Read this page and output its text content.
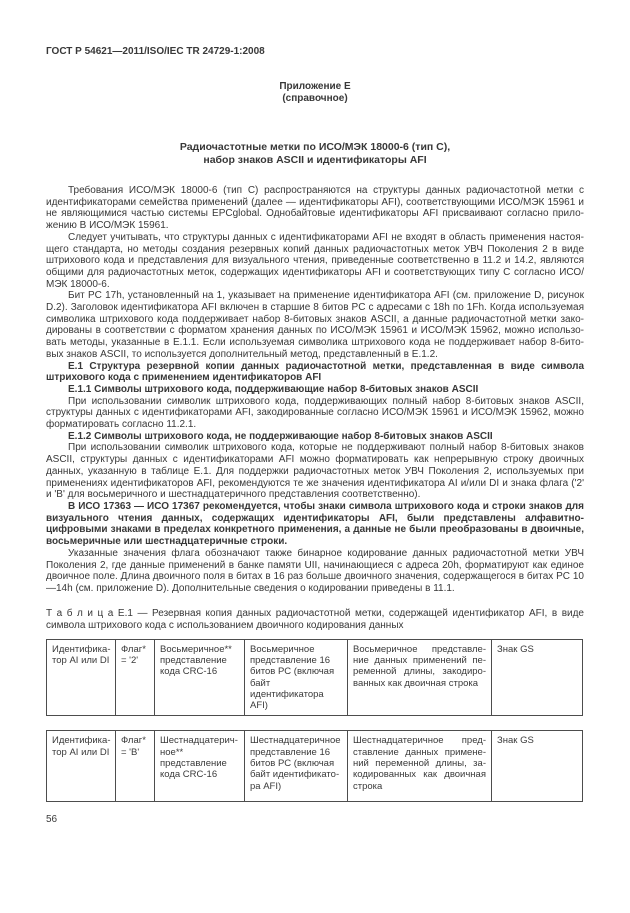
ГОСТ Р 54621—2011/ISO/IEC TR 24729-1:2008
Приложение Е
(справочное)
Радиочастотные метки по ИСО/МЭК 18000-6 (тип С),
набор знаков ASCII и идентификаторы AFI

Требования ИСО/МЭК 18000-6 (тип С) распространяются на структуры данных радиочастотной метки с идентификаторами семейства применений (далее — идентификаторы AFI), соответствующими ИСО/МЭК 15961 и не являющимися частью системы EPCglobal. Однобайтовые идентификаторы AFI присваивают согласно приложению В ИСО/МЭК 15961.

Следует учитывать, что структуры данных с идентификаторами AFI не входят в область применения настоящего стандарта, но методы создания резервных копий данных радиочастотных меток УВЧ Поколения 2 в виде штрихового кода и представления для визуального чтения, приведенные соответственно в 11.2 и 14.2, являются общими для радиочастотных меток, содержащих идентификаторы AFI и соответствующих типу С согласно ИСО/МЭК 18000-6.

Бит PC 17h, установленный на 1, указывает на применение идентификатора AFI (см. приложение D, рисунок D.2). Заголовок идентификатора AFI включен в старшие 8 битов PC с адресами с 18h по 1Fh. Когда используемая символика штрихового кода поддерживает набор 8-битовых знаков ASCII, а данные радиочастотной метки закодированы в соответствии с форматом хранения данных по ИСО/МЭК 15961 и ИСО/МЭК 15962, можно использовать методы, указанные в Е.1.1. Если используемая символика штрихового кода не поддерживает набор 8-битовых знаков ASCII, то используется дополнительный метод, представленный в Е.1.2.

Е.1 Структура резервной копии данных радиочастотной метки, представленная в виде символа штрихового кода с применением идентификаторов AFI

Е.1.1 Символы штрихового кода, поддерживающие набор 8-битовых знаков ASCII

При использовании символик штрихового кода, поддерживающих полный набор 8-битовых знаков ASCII, структуры данных с идентификаторами AFI, закодированные согласно ИСО/МЭК 15961 и ИСО/МЭК 15962, можно форматировать согласно 11.2.1.

Е.1.2 Символы штрихового кода, не поддерживающие набор 8-битовых знаков ASCII

При использовании символик штрихового кода, которые не поддерживают полный набор 8-битовых знаков ASCII, структуры данных с идентификаторами AFI можно форматировать как непрерывную строку двоичных данных, указанную в таблице Е.1. Для поддержки радиочастотных меток УВЧ Поколения 2, используемых при применениях идентификаторов AFI, рекомендуются те же значения идентификатора AI и/или DI и знака флага ('2' и 'B' для восьмеричного и шестнадцатеричного представления соответственно).

В ИСО 17363 — ИСО 17367 рекомендуется, чтобы знаки символа штрихового кода и строки знаков для визуального чтения данных, содержащих идентификаторы AFI, были представлены алфавитно-цифровыми знаками в пределах конкретного применения, а данные не были преобразованы в двоичные, восьмеричные или шестнадцатеричные строки.

Указанные значения флага обозначают также бинарное кодирование данных радиочастотной метки УВЧ Поколения 2, где данные применений в банке памяти UII, начинающиеся с адреса 20h, форматируют как единое двоичное поле. Длина двоичного поля в битах в 16 раз больше двоичного значения, содержащегося в битах PC 10—14h (см. приложение D). Дополнительные сведения о кодировании приведены в 11.1.

Т а б л и ц а Е.1 — Резервная копия данных радиочастотной метки, содержащей идентификатор AFI, в виде символа штрихового кода с использованием двоичного кодирования данных

Идентификатор AI или DI	Флаг* = '2'	Восьмеричное** представление кода CRC-16	Восьмеричное представление 16 битов PC (включая байт идентификатора AFI)	Восьмеричное представление данных применений переменной длины, закодированных как двоичная строка	Знак GS
Идентификатор AI или DI	Флаг* = 'B'	Шестнадцатеричное** представление кода CRC-16	Шестнадцатеричное представление 16 битов PC (включая байт идентификатора AFI)	Шестнадцатеричное представление данных применений переменной длины, закодированных как двоичная строка	Знак GS
56
